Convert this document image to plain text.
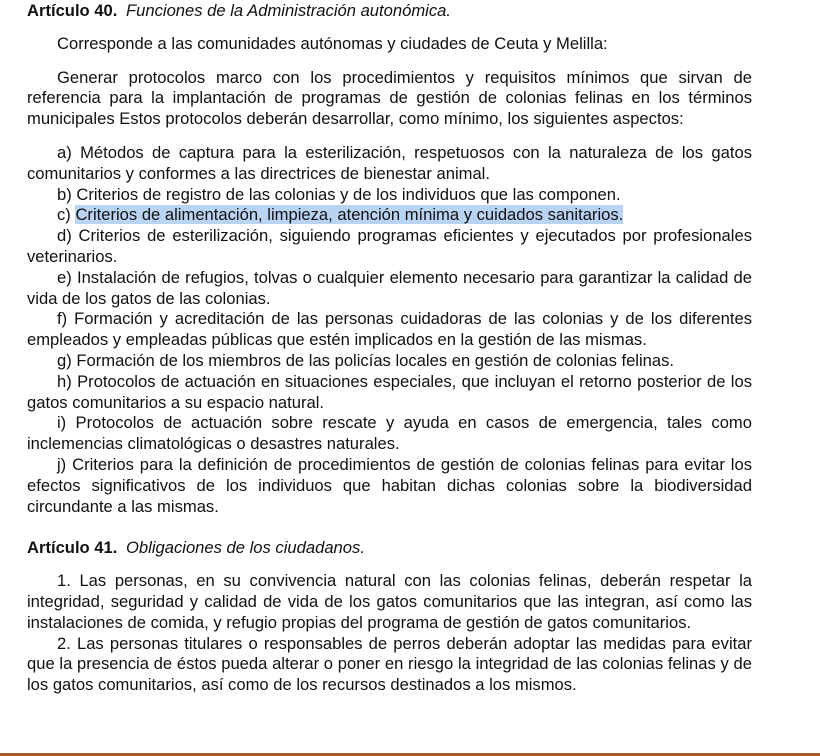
Artículo 40. Funciones de la Administración autonómica.

Corresponde a las comunidades autónomas y ciudades de Ceuta y Melilla:

Generar protocolos marco con los procedimientos y requisitos mínimos que sirvan de referencia para la implantación de programas de gestión de colonias felinas en los términos municipales Estos protocolos deberán desarrollar, como mínimo, los siguientes aspectos:

a) Métodos de captura para la esterilización, respetuosos con la naturaleza de los gatos comunitarios y conformes a las directrices de bienestar animal.

b) Criterios de registro de las colonias y de los individuos que las componen.

c) Criterios de alimentación, limpieza, atención mínima y cuidados sanitarios.

d) Criterios de esterilización, siguiendo programas eficientes y ejecutados por profesionales veterinarios.

e) Instalación de refugios, tolvas o cualquier elemento necesario para garantizar la calidad de vida de los gatos de las colonias.

f) Formación y acreditación de las personas cuidadoras de las colonias y de los diferentes empleados y empleadas públicas que estén implicados en la gestión de las mismas.

g) Formación de los miembros de las policías locales en gestión de colonias felinas.

h) Protocolos de actuación en situaciones especiales, que incluyan el retorno posterior de los gatos comunitarios a su espacio natural.

i) Protocolos de actuación sobre rescate y ayuda en casos de emergencia, tales como inclemencias climatológicas o desastres naturales.

j) Criterios para la definición de procedimientos de gestión de colonias felinas para evitar los efectos significativos de los individuos que habitan dichas colonias sobre la biodiversidad circundante a las mismas.

Artículo 41. Obligaciones de los ciudadanos.

1. Las personas, en su convivencia natural con las colonias felinas, deberán respetar la integridad, seguridad y calidad de vida de los gatos comunitarios que las integran, así como las instalaciones de comida, y refugio propias del programa de gestión de gatos comunitarios.

2. Las personas titulares o responsables de perros deberán adoptar las medidas para evitar que la presencia de éstos pueda alterar o poner en riesgo la integridad de las colonias felinas y de los gatos comunitarios, así como de los recursos destinados a los mismos.
